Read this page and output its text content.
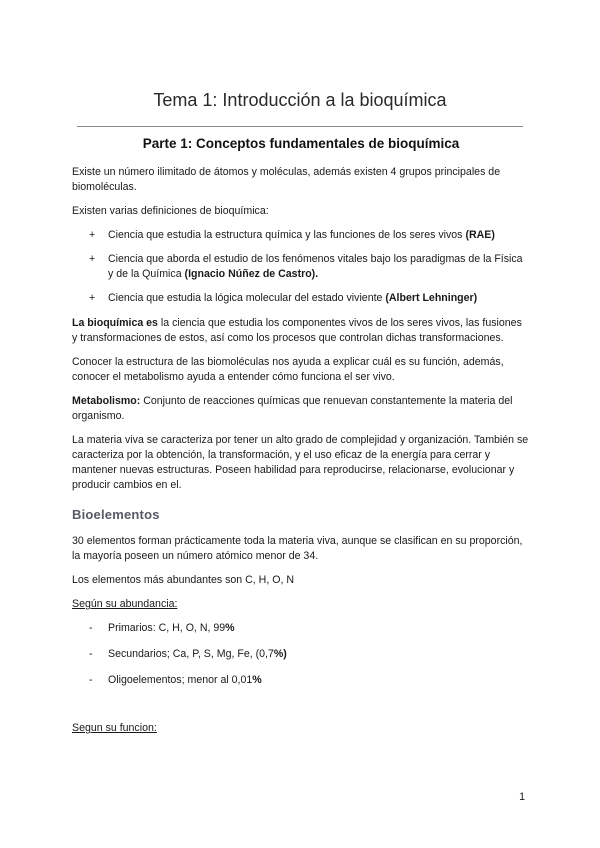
Tema 1: Introducción a la bioquímica
Parte 1: Conceptos fundamentales de bioquímica

Existe un número ilimitado de átomos y moléculas, además existen 4 grupos principales de biomoléculas.

Existen varias definiciones de bioquímica:

+ Ciencia que estudia la estructura química y las funciones de los seres vivos (RAE)
+ Ciencia que aborda el estudio de los fenómenos vitales bajo los paradigmas de la Física y de la Química (Ignacio Núñez de Castro).
+ Ciencia que estudia la lógica molecular del estado viviente (Albert Lehninger)

La bioquímica es la ciencia que estudia los componentes vivos de los seres vivos, las fusiones y transformaciones de estos, así como los procesos que controlan dichas transformaciones.

Conocer la estructura de las biomoléculas nos ayuda a explicar cuál es su función, además, conocer el metabolismo ayuda a entender cómo funciona el ser vivo.

Metabolismo: Conjunto de reacciones químicas que renuevan constantemente la materia del organismo.

La materia viva se caracteriza por tener un alto grado de complejidad y organización. También se caracteriza por la obtención, la transformación, y el uso eficaz de la energía para cerrar y mantener nuevas estructuras. Poseen habilidad para reproducirse, relacionarse, evolucionar y producir cambios en el.

Bioelementos

30 elementos forman prácticamente toda la materia viva, aunque se clasifican en su proporción, la mayoría poseen un número atómico menor de 34.

Los elementos más abundantes son C, H, O, N

Según su abundancia:

- Primarios: C, H, O, N, 99%
- Secundarios; Ca, P, S, Mg, Fe, (0,7%)
- Oligoelementos; menor al 0,01%

Segun su funcion:

1
